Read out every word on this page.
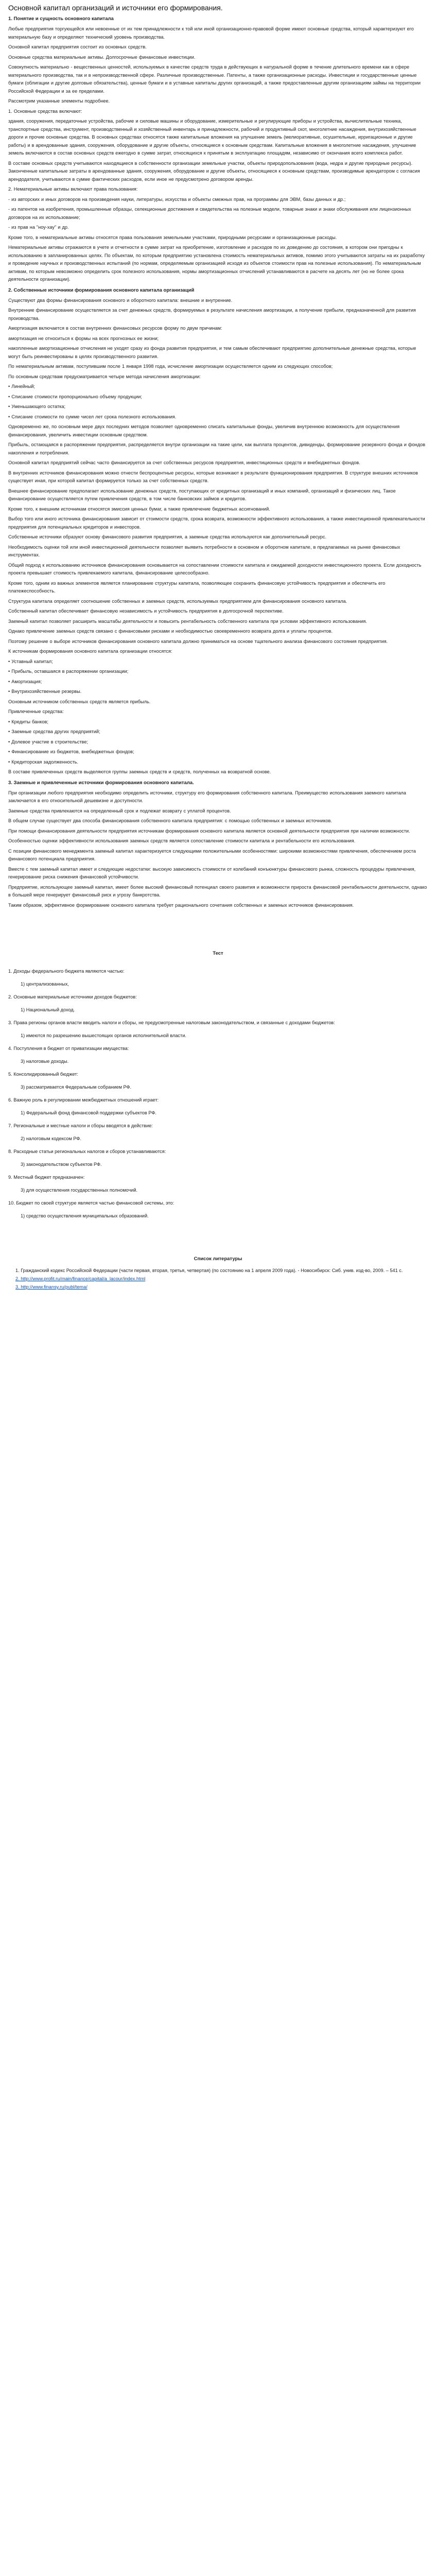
Основной капитал организаций и источники его формирования.
1. Понятие и сущность основного капитала

Любые предприятия торгующейся или невоенные от их тем принадлежности к той или иной организационно-правовой форме имеют основные средства, который характеризуют его материальную базу и определяют технический уровень производства.

Основной капитал предприятия состоит из основных средств.

Основные средства материальные активы. Долгосрочные финансовые инвестиции.

Совокупность материально - вещественных ценностей, используемых в качестве средств труда в действующих в натуральной форме в течение длительного времени как в сфере материального производства, так и в непроизводственной сфере. Различные производственные. Патенты, а также организационные расходы. Инвестиции и государственные ценные бумаги (облигации и другие долговые обязательства), ценные бумаги и в уставные капиталы других организаций, а также предоставленные другим организациям займы на территории Российской Федерации и за ее пределами.

Рассмотрим указанные элементы подробнее.

1. Основные средства включают:

здания, сооружения, передаточные устройства, рабочие и силовые машины и оборудование, измерительные и регулирующие приборы и устройства, вычислительные техника, транспортные средства, инструмент, производственный и хозяйственный инвентарь и принадлежности, рабочий и продуктивный скот, многолетние насаждения, внутрихозяйственные дороги и прочие основные средства. В основных средствах относятся также капитальные вложения на улучшение земель (мелиоративные, осушительные, ирригационные и другие работы) и в арендованные здания, сооружения, оборудование и другие объекты, относящиеся к основным средствам. Капитальные вложения в многолетние насаждения, улучшение земель включаются в состав основных средств ежегодно в сумме затрат, относящихся к принятым в эксплуатацию площадям, независимо от окончания всего комплекса работ.

В составе основных средств учитываются находящиеся в собственности организации земельные участки, объекты природопользования (вода, недра и другие природные ресурсы). Законченные капитальные затраты в арендованные здания, сооружения, оборудование и другие объекты, относящиеся к основным средствам, производимые арендатором с согласия арендодателя, учитываются в сумме фактических расходов, если иное не предусмотрено договором аренды.

2. Нематериальные активы включают права пользования:

- из авторских и иных договоров на произведения науки, литературы, искусства и объекты смежных прав, на программы для ЭВМ, базы данных и др.;

- из патентов на изобретения, промышленные образцы, селекционные достижения и свидетельства на полезные модели, товарные знаки и знаки обслуживания или лицензионных договоров на их использование;

- из прав на "ноу-хау" и др.

Кроме того, в нематериальные активы относятся права пользования земельными участками, природными ресурсами и организационные расходы.

Нематериальные активы отражаются в учете и отчетности в сумме затрат на приобретение, изготовление и расходов по их доведению до состояния, в котором они пригодны к использованию в запланированных целях. По объектам, по которым предприятию установлена стоимость нематериальных активов, помимо этого учитываются затраты на их разработку и проведение научных и производственных испытаний (по нормам, определяемым организацией исходя из объектов стоимости прав на полезные использования). По нематериальным активам, по которым невозможно определить срок полезного использования, нормы амортизационных отчислений устанавливаются в расчете на десять лет (но не более срока деятельности организации).

2. Собственные источники формирования основного капитала организаций

Существуют два формы финансирования основного и оборотного капитала: внешние и внутренние.

Внутренние финансирование осуществляется за счет денежных средств, формируемых в результате начисления амортизации, а получение прибыли, предназначенной для развития производства.

Амортизация включается в состав внутренних финансовых ресурсов форму по двум причинам:

амортизация не относиться к формы на всех прогнозных ее жизни;

накопленные амортизационные отчисления не уходят сразу из фонда развития предприятия, и тем самым обеспечивают предприятию дополнительные денежные средства, которые могут быть реинвестированы в целях производственного развития.

По нематериальным активам, поступившим после 1 января 1998 года, исчисление амортизации осуществляется одним из следующих способов;

По основным средствам предусматривается четыре метода начисления амортизации:

• Линейный;

• Списание стоимости пропорционально объему продукции;

• Уменьшающего остатка;

• Списание стоимости по сумме чисел лет срока полезного использования.

Одновременно же, по основным мере двух последних методов позволяет одновременно списать капитальные фонды, увеличив внутреннюю возможность для осуществления финансирования, увеличить инвестиции основным средством.

Прибыль, остающаяся в распоряжении предприятия, распределяется внутри организации на такие цели, как выплата процентов, дивиденды, формирование резервного фонда и фондов накопления и потребления.

Основной капитал предприятий сейчас часто финансируется за счет собственных ресурсов предприятия, инвестиционных средств и внебюджетных фондов.

В внутренних источников финансирования можно отнести беспроцентные ресурсы, которые возникают в результате функционирования предприятия. В структуре внешних источников существует иная, при которой капитал формируется только за счет собственных средств.

Внешнее финансирование предполагает использование денежных средств, поступающих от кредитных организаций и иных компаний, организаций и физических лиц. Такое финансирование осуществляется путем привлечения средств, в том числе банковских займов и кредитов.

Кроме того, к внешним источникам относятся эмиссия ценных бумаг, а также привлечение бюджетных ассигнований.

Выбор того или иного источника финансирования зависит от стоимости средств, срока возврата, возможности эффективного использования, а также инвестиционной привлекательности предприятия для потенциальных кредиторов и инвесторов.

Собственные источники образуют основу финансового развития предприятия, а заемные средства используются как дополнительный ресурс.

Необходимость оценки той или иной инвестиционной деятельности позволяет выявить потребности в основном и оборотном капитале, в предлагаемых на рынке финансовых инструментах.

Общий подход к использованию источников финансирования основывается на сопоставлении стоимости капитала и ожидаемой доходности инвестиционного проекта. Если доходность проекта превышает стоимость привлекаемого капитала, финансирование целесообразно.

Кроме того, одним из важных элементов является планирование структуры капитала, позволяющее сохранить финансовую устойчивость предприятия и обеспечить его платежеспособность.

Структура капитала определяет соотношение собственных и заемных средств, используемых предприятием для финансирования основного капитала.

Собственный капитал обеспечивает финансовую независимость и устойчивость предприятия в долгосрочной перспективе.

Заемный капитал позволяет расширить масштабы деятельности и повысить рентабельность собственного капитала при условии эффективного использования.

Однако привлечение заемных средств связано с финансовыми рисками и необходимостью своевременного возврата долга и уплаты процентов.

Поэтому решение о выборе источников финансирования основного капитала должно приниматься на основе тщательного анализа финансового состояния предприятия.

К источникам формирования основного капитала организации относятся:

• Уставный капитал;

• Прибыль, оставшаяся в распоряжении организации;

• Амортизация;

• Внутрихозяйственные резервы.

Основным источником собственных средств является прибыль.

Привлеченные средства:

• Кредиты банков;

• Заемные средства других предприятий;

• Долевое участие в строительстве;

• Финансирование из бюджетов, внебюджетных фондов;

• Кредиторская задолженность.

В составе привлеченных средств выделяются группы заемных средств и средств, полученных на возвратной основе.

3. Заемные и привлеченные источники формирования основного капитала.

При организации любого предприятия необходимо определить источники, структуру его формирования собственного капитала. Преимущество использования заемного капитала заключается в его относительной дешевизне и доступности.

Заемные средства привлекаются на определенный срок и подлежат возврату с уплатой процентов.

В общем случае существует два способа финансирования собственного капитала предприятия: с помощью собственных и заемных источников.

При помощи финансирования деятельности предприятия источникам формирования основного капитала является основной деятельности предприятия при наличии возможности.

Особенностью оценки эффективности использования заемных средств является сопоставление стоимости капитала и рентабельности его использования.

С позиции финансового менеджмента заемный капитал характеризуется следующими положительными особенностями: широкими возможностями привлечения, обеспечением роста финансового потенциала предприятия.

Вместе с тем заемный капитал имеет и следующие недостатки: высокую зависимость стоимости от колебаний конъюнктуры финансового рынка, сложность процедуры привлечения, генерирование риска снижения финансовой устойчивости.

Предприятие, использующее заемный капитал, имеет более высокий финансовый потенциал своего развития и возможности прироста финансовой рентабельности деятельности, однако в большей мере генерирует финансовый риск и угрозу банкротства.

Таким образом, эффективное формирование основного капитала требует рационального сочетания собственных и заемных источников финансирования.

Тест
1. Доходы федерального бюджета являются частью:
1) централизованных,
2. Основные материальные источники доходов бюджетов:
1) Национальный доход.
3. Права регионы органов власти вводить налоги и сборы, не предусмотренные налоговым законодательством, и связанные с доходами бюджетов:
1) имеются по разрешению вышестоящих органов исполнительной власти.
4. Поступления в бюджет от приватизации имущества:
3) налоговые доходы.
5. Консолидированный бюджет:
3) рассматривается Федеральным собранием РФ.
6. Важную роль в регулировании межбюджетных отношений играет:
1) Федеральный фонд финансовой поддержки субъектов РФ.
7. Региональные и местные налоги и сборы вводятся в действие:
2) налоговым кодексом РФ.
8. Расходные статьи региональных налогов и сборов устанавливаются:
3) законодательством субъектов РФ.
9. Местный бюджет предназначен:
3) для осуществления государственных полномочий.
10. Бюджет по своей структуре является частью финансовой системы, это:
1) средство осуществления муниципальных образований.
Список литературы
1. Гражданский кодекс Российской Федерации (части первая, вторая, третья, четвертая) (по состоянию на 1 апреля 2009 года). - Новосибирск: Сиб. унив. изд-во, 2009. – 541 с.
2. http://www.profit.ru/main/finance/capital/a_lacour/index.html
3. http://www.finansy.ru/publ/tema/
